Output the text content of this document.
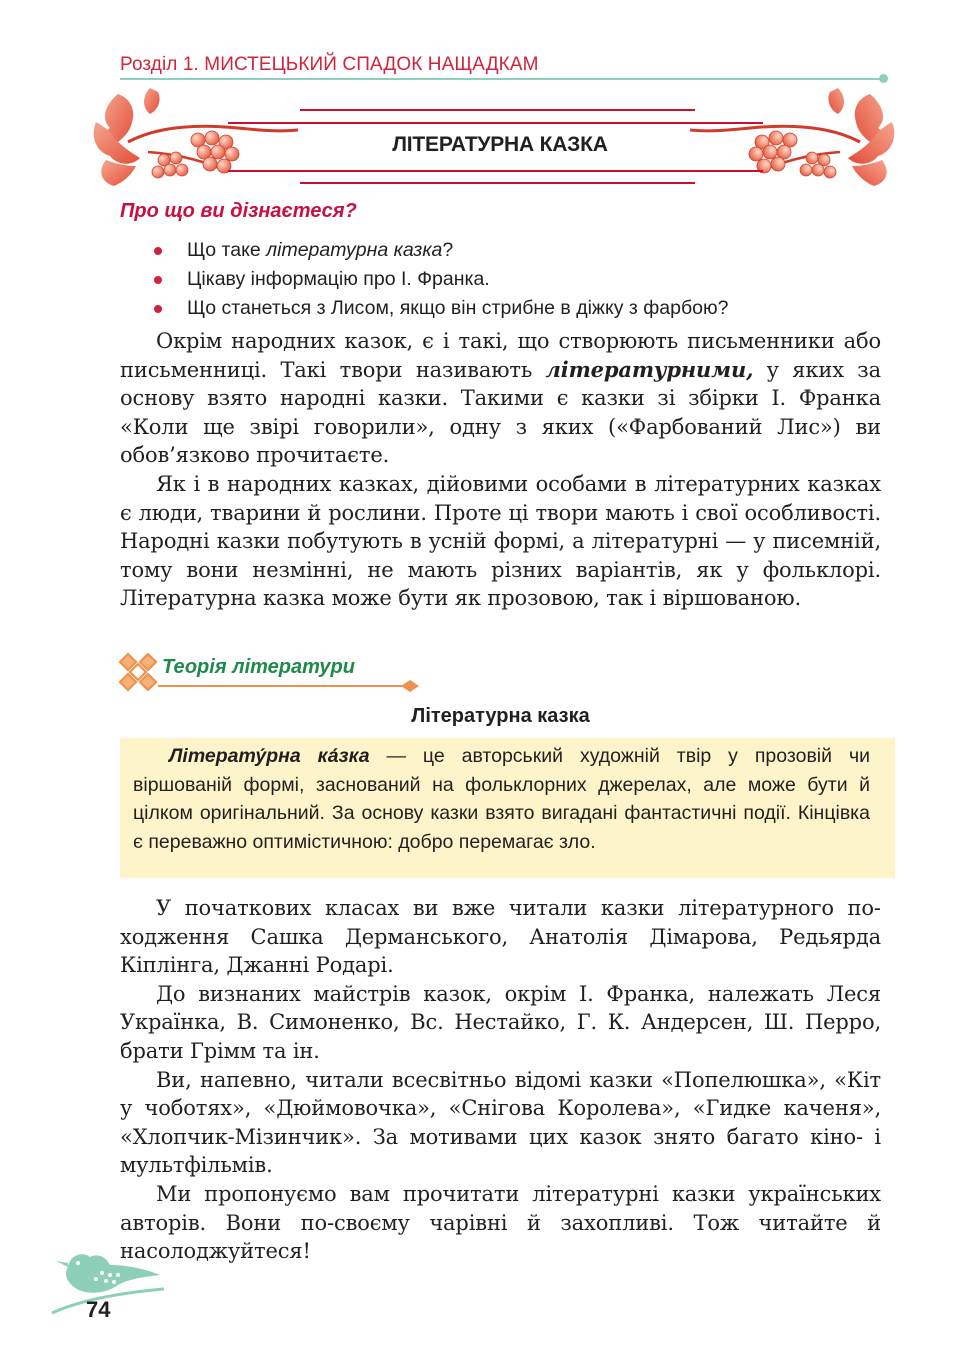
Розділ 1. МИСТЕЦЬКИЙ СПАДОК НАЩАДКАМ
ЛІТЕРАТУРНА КАЗКА
Про що ви дізнаєтеся?
Що таке літературна казка?
Цікаву інформацію про І. Франка.
Що станеться з Лисом, якщо він стрибне в діжку з фарбою?

Окрім народних казок, є і такі, що створюють письменники або письменниці. Такі твори називають літературними, у яких за основу взято народні казки. Такими є казки зі збірки І. Франка «Коли ще звірі говорили», одну з яких («Фарбований Лис») ви обов’язково прочитаєте.

Як і в народних казках, дійовими особами в літературних казках є люди, тварини й рослини. Проте ці твори мають і свої особливості. Народні казки побутують в усній формі, а літературні — у писемній, тому вони незмінні, не мають різних варіантів, як у фольклорі. Літературна казка може бути як прозовою, так і віршованою.

Теорія літератури
Літературна казка

Літерату́рна ка́зка — це авторський художній твір у прозовій чи віршованій формі, заснований на фольклорних джерелах, але може бути й цілком оригінальний. За основу казки взято вигадані фантастичні події. Кінцівка є переважно оптимістичною: добро перемагає зло.

У початкових класах ви вже читали казки літературного походження Сашка Дерманського, Анатолія Дімарова, Редьярда Кіплінга, Джанні Родарі.

До визнаних майстрів казок, окрім І. Франка, належать Леся Українка, В. Симоненко, Вс. Нестайко, Г. К. Андерсен, Ш. Перро, брати Грімм та ін.

Ви, напевно, читали всесвітньо відомі казки «Попелюшка», «Кіт у чоботях», «Дюймовочка», «Снігова Королева», «Гидке каченя», «Хлопчик-Мізинчик». За мотивами цих казок знято багато кіно- і мультфільмів.

Ми пропонуємо вам прочитати літературні казки українських авторів. Вони по-своєму чарівні й захопливі. Тож читайте й насолоджуйтеся!

74
